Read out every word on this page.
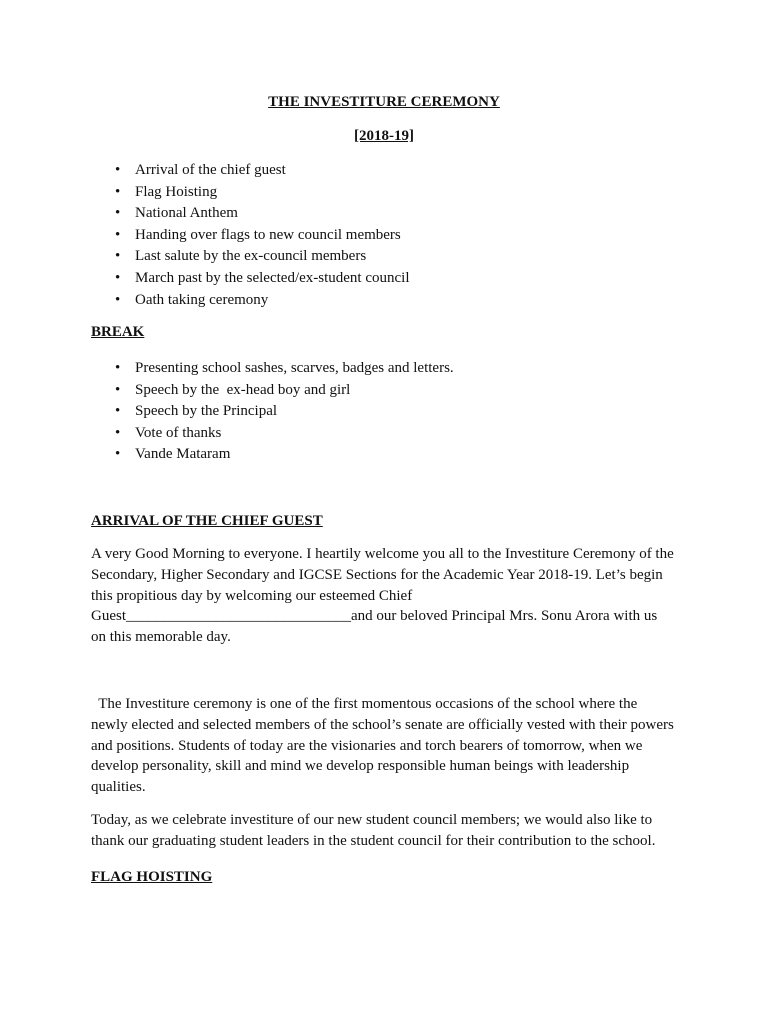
THE INVESTITURE CEREMONY

[2018-19]

• Arrival of the chief guest
• Flag Hoisting
• National Anthem
• Handing over flags to new council members
• Last salute by the ex-council members
• March past by the selected/ex-student council
• Oath taking ceremony

BREAK

• Presenting school sashes, scarves, badges and letters.
• Speech by the  ex-head boy and girl
• Speech by the Principal
• Vote of thanks
• Vande Mataram

ARRIVAL OF THE CHIEF GUEST

A very Good Morning to everyone. I heartily welcome you all to the Investiture Ceremony of the
Secondary, Higher Secondary and IGCSE Sections for the Academic Year 2018-19. Let’s begin
this propitious day by welcoming our esteemed Chief
Guest______________________________and our beloved Principal Mrs. Sonu Arora with us
on this memorable day.

The Investiture ceremony is one of the first momentous occasions of the school where the
newly elected and selected members of the school’s senate are officially vested with their powers
and positions. Students of today are the visionaries and torch bearers of tomorrow, when we
develop personality, skill and mind we develop responsible human beings with leadership
qualities.

Today, as we celebrate investiture of our new student council members; we would also like to
thank our graduating student leaders in the student council for their contribution to the school.

FLAG HOISTING
